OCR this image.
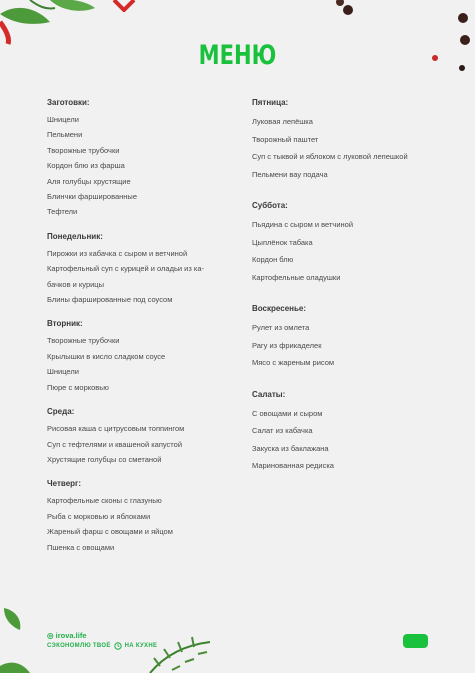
МЕНЮ
Заготовки:
Шницели
Пельмени
Творожные трубочки
Кордон блю из фарша
Аля голубцы хрустящие
Блинчки фаршированные
Тефтели
Понедельник:
Пирожки из кабачка с сыром и ветчиной
Картофельный суп с курицей и оладьи из ка-
бачков и курицы
Блины фаршированные под соусом
Вторник:
Творожные трубочки
Крылышки в кисло сладком соусе
Шницели
Пюре с морковью
Среда:
Рисовая каша с цитрусовым топпингом
Суп с тефтелями и квашеной капустой
Хрустящие голубцы со сметаной
Четверг:
Картофельные сконы с глазунью
Рыба с морковью и яблоками
Жареный фарш с овощами и яйцом
Пшенка с овощами
Пятница:
Луковая лепёшка
Творожный паштет
Суп с тыквой и яблоком с луковой лепешкой
Пельмени вау подача
Суббота:
Пьядина с сыром и ветчиной
Цыплёнок табака
Кордон блю
Картофельные оладушки
Воскресенье:
Рулет из омлета
Рагу из фрикаделек
Мясо с жареным рисом
Салаты:
С овощами и сыром
Салат из кабачка
Закуска из баклажана
Маринованная редиска
◎ irova.life
СЭКОНОМЛЮ ТВОЁ НА КУХНЕ
